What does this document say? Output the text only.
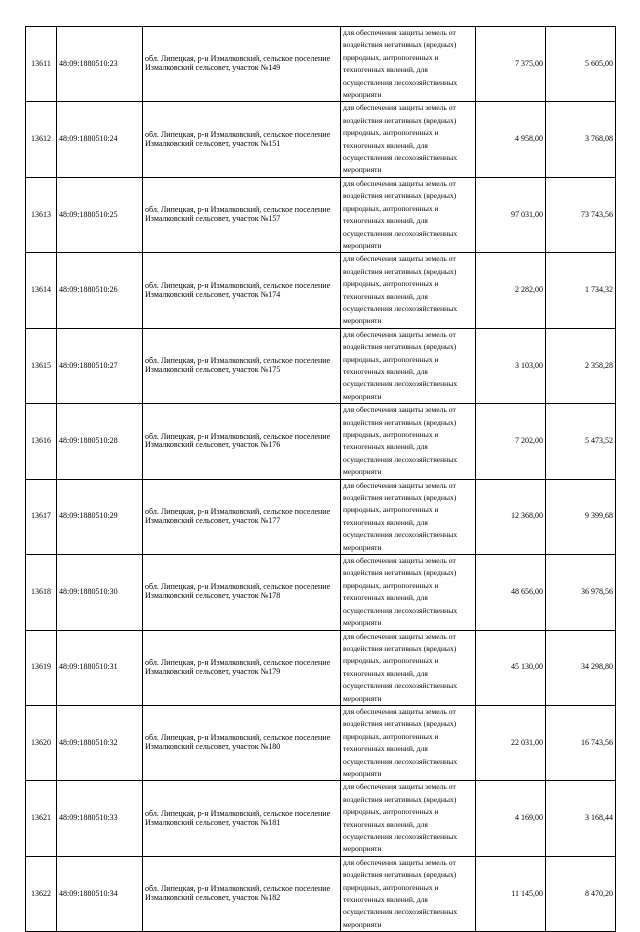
13611	48:09:1880510:23	обл. Липецкая, р-н Измалковский, сельское поселение Измалковский сельсовет, участок №149	для обеспечения защиты земель от воздействия негативных (вредных) природных, антропогенных и техногенных явлений, для осуществления лесохозяйственных мероприяти	7 375,00	5 605,00
13612	48:09:1880510:24	обл. Липецкая, р-н Измалковский, сельское поселение Измалковский сельсовет, участок №151	для обеспечения защиты земель от воздействия негативных (вредных) природных, антропогенных и техногенных явлений, для осуществления лесохозяйственных мероприяти	4 958,00	3 768,08
13613	48:09:1880510:25	обл. Липецкая, р-н Измалковский, сельское поселение Измалковский сельсовет, участок №157	для обеспечения защиты земель от воздействия негативных (вредных) природных, антропогенных и техногенных явлений, для осуществления лесохозяйственных мероприяти	97 031,00	73 743,56
13614	48:09:1880510:26	обл. Липецкая, р-н Измалковский, сельское поселение Измалковский сельсовет, участок №174	для обеспечения защиты земель от воздействия негативных (вредных) природных, антропогенных и техногенных явлений, для осуществления лесохозяйственных мероприяти	2 282,00	1 734,32
13615	48:09:1880510:27	обл. Липецкая, р-н Измалковский, сельское поселение Измалковский сельсовет, участок №175	для обеспечения защиты земель от воздействия негативных (вредных) природных, антропогенных и техногенных явлений, для осуществления лесохозяйственных мероприяти	3 103,00	2 358,28
13616	48:09:1880510:28	обл. Липецкая, р-н Измалковский, сельское поселение Измалковский сельсовет, участок №176	для обеспечения защиты земель от воздействия негативных (вредных) природных, антропогенных и техногенных явлений, для осуществления лесохозяйственных мероприяти	7 202,00	5 473,52
13617	48:09:1880510:29	обл. Липецкая, р-н Измалковский, сельское поселение Измалковский сельсовет, участок №177	для обеспечения защиты земель от воздействия негативных (вредных) природных, антропогенных и техногенных явлений, для осуществления лесохозяйственных мероприяти	12 368,00	9 399,68
13618	48:09:1880510:30	обл. Липецкая, р-н Измалковский, сельское поселение Измалковский сельсовет, участок №178	для обеспечения защиты земель от воздействия негативных (вредных) природных, антропогенных и техногенных явлений, для осуществления лесохозяйственных мероприяти	48 656,00	36 978,56
13619	48:09:1880510:31	обл. Липецкая, р-н Измалковский, сельское поселение Измалковский сельсовет, участок №179	для обеспечения защиты земель от воздействия негативных (вредных) природных, антропогенных и техногенных явлений, для осуществления лесохозяйственных мероприяти	45 130,00	34 298,80
13620	48:09:1880510:32	обл. Липецкая, р-н Измалковский, сельское поселение Измалковский сельсовет, участок №180	для обеспечения защиты земель от воздействия негативных (вредных) природных, антропогенных и техногенных явлений, для осуществления лесохозяйственных мероприяти	22 031,00	16 743,56
13621	48:09:1880510:33	обл. Липецкая, р-н Измалковский, сельское поселение Измалковский сельсовет, участок №181	для обеспечения защиты земель от воздействия негативных (вредных) природных, антропогенных и техногенных явлений, для осуществления лесохозяйственных мероприяти	4 169,00	3 168,44
13622	48:09:1880510:34	обл. Липецкая, р-н Измалковский, сельское поселение Измалковский сельсовет, участок №182	для обеспечения защиты земель от воздействия негативных (вредных) природных, антропогенных и техногенных явлений, для осуществления лесохозяйственных мероприяти	11 145,00	8 470,20
